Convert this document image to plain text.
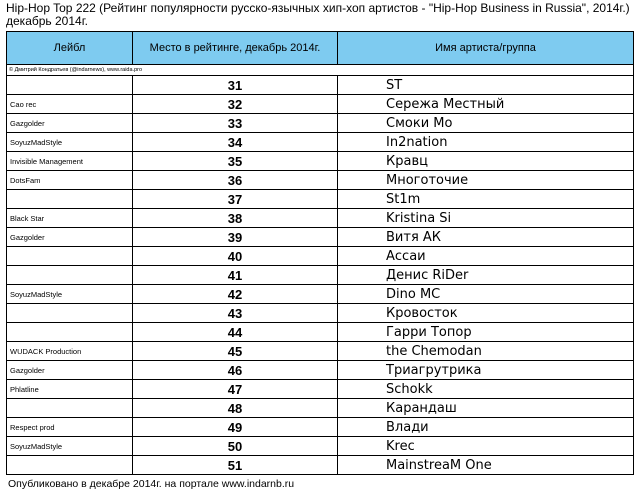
Hip-Hop Top 222 (Рейтинг популярности русско-язычных хип-хоп артистов - "Hip-Hop Business in Russia", 2014г.) декабрь 2014г.
Лейбл	Место в рейтинге, декабрь 2014г.	Имя артиста/группа
© Дмитрий Кондратьев (@indarnews), www.raida.pro		
	31	ST
Cao rec	32	Сережа Местный
Gazgolder	33	Смоки Мо
SoyuzMadStyle	34	In2nation
Invisible Management	35	Кравц
DotsFam	36	Многоточие
	37	St1m
Black Star	38	Kristina Si
Gazgolder	39	Витя АК
	40	Ассаи
	41	Денис RiDer
SoyuzMadStyle	42	Dino MC
	43	Кровосток
	44	Гарри Топор
WUDACK Production	45	the Chemodan
Gazgolder	46	Триагрутрика
Phlatline	47	Schokk
	48	Карандаш
Respect prod	49	Влади
SoyuzMadStyle	50	Krec
	51	MainstreaM One
Опубликовано в декабре 2014г. на портале www.indarnb.ru
